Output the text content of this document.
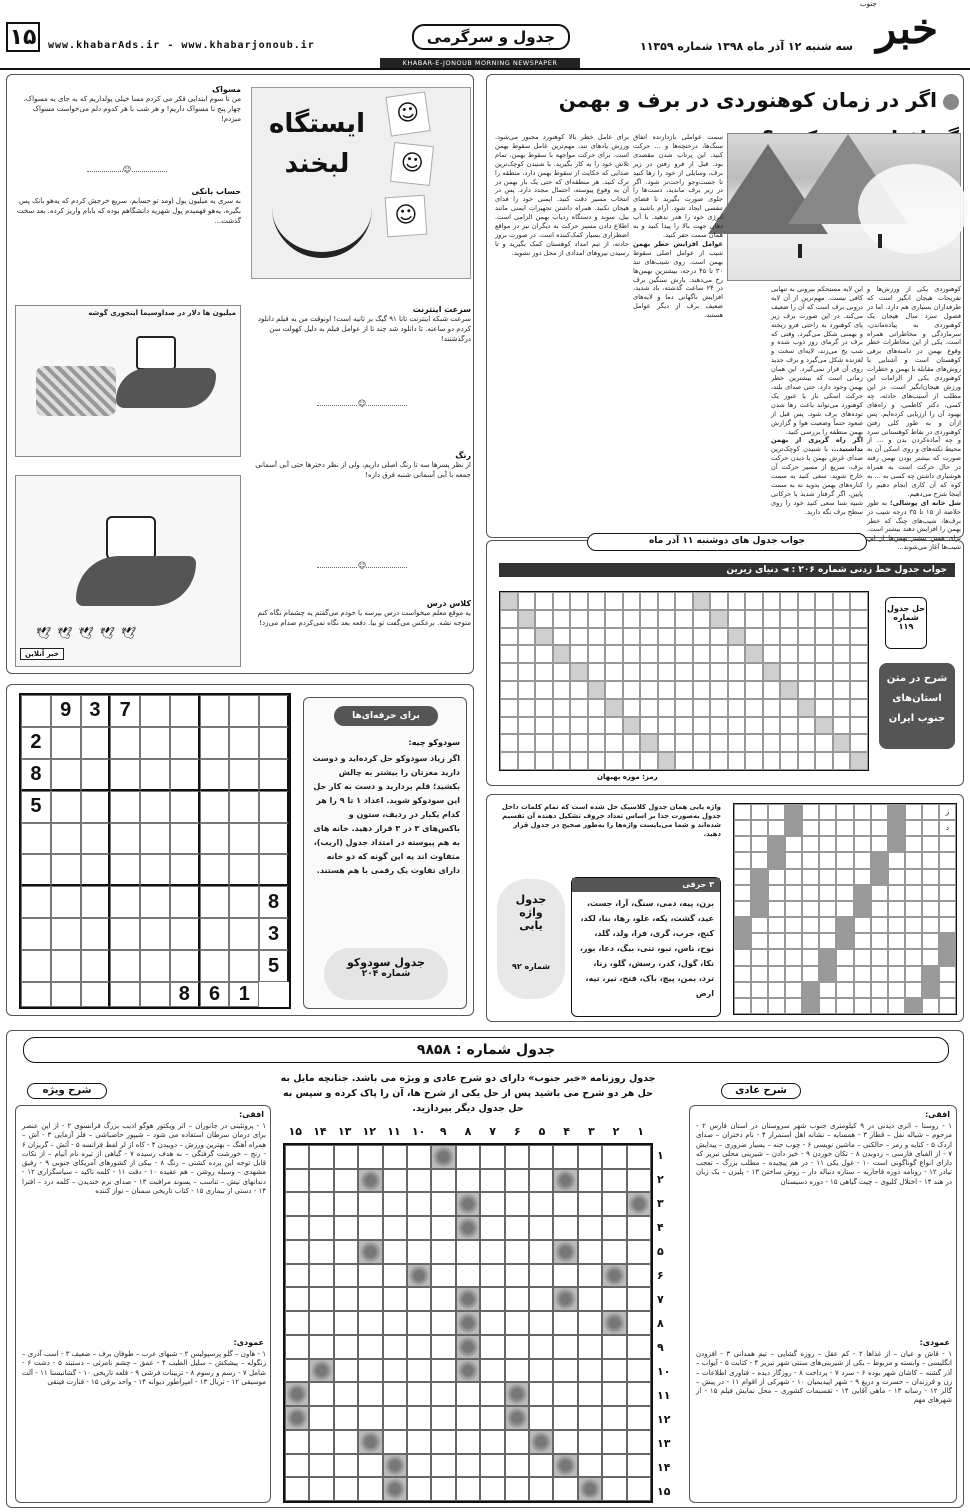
۱۵	www.khabarAds.ir - www.khabarjonoub.ir	جدول و سرگرمی
سه شنبه ۱۲ آذر ماه ۱۳۹۸ شماره ۱۱۳۵۹ خبر
جنوب
KHABAR-E-JONOUB MORNING NEWSPAPER
اگر در زمان کوهنوردی در برف و بهمن
کوهنوردی یکی از ورزش‌ها و تفریحات هیجان انگیز است که طرفداران بسیاری هم دارد. اما در فصول سرد سال هیجان یک کوهنوردی به پیاده‌ماندن، سرمازدگی و مخاطراتی همراه است. یکی از این مخاطرات خطر وقوع بهمن در دامنه‌های برفی کوهستان است و آشنایی با روش‌های مقابله با بهمن و خطرات کوهنوردی یکی از الزامات این ورزش هیجان‌انگیز است. در این مطلب از آسیب‌های حادثه، چه کسی، دکتر کاظمی، و راه‌های بهبود آن را ارزیابی کرده‌ایم. پس ازآن و به طور کلی رفتن کوهنوردی در نقاط کوهستانی سرد و چه آماده‌کردن بدن و ... از محیط نکته‌های و روی اسکی آن به صورت که بیشتر بودن بهمن رفته در حال حرکت است به همراه هوشیاری داشتن چه کسی به ... به کوه که آن کاری انجام دهیم را اینجا شرح می‌دهیم.
شل خانه ای پوشالی؛ به طور خلاصه از ۱۵ تا ۳۵ درجه شیب در برف‌ها، شیب‌های چنگ که خطر بهمن را افزایش دهند بیشتر است. برای همین بیشتر بهمن‌ها از این شیب‌ها آغاز می‌شوند...
این لایه مستحکم بیرونی به تنهایی کافی نیست. مهم‌ترین از آن لایه درونی برف است که آن را ضعیف می‌کند. در این صورت برف زیر پای کوهنورد به راحتی فرو ریخته و بهمنی شکل می‌گیرد. وقتی که برف در گرمای روز ذوب شده و شب یخ می‌زند، لایه‌ای سخت و لغزنده شکل می‌گیرد و برف جدید روی آن قرار نمی‌گیرد. این همان زمانی است که بیشترین خطر بهمن وجود دارد. حتی صدای بلند، حرکت اسکی باز یا عبور یک کوهنورد می‌تواند باعث رها شدن توده‌های برف شود. پس قبل از صعود حتماً وضعیت هوا و گزارش بهمن منطقه را بررسی کنید.
اگر راه گریزی از بهمن نداشتید... با شنیدن کوچک‌ترین صدای غرش بهمن یا دیدن حرکت برف، سریع از مسیر حرکت آن خارج شوید. سعی کنید به سمت کناره‌های بهمن بدوید نه به سمت پایین. اگر گرفتار شدید با حرکاتی شبیه شنا سعی کنید خود را روی سطح برف نگه دارید.
سمت عواملی بازدارنده اتفاق سنگ‌ها، درختچه‌ها و ... حرکت کنید. این پرتاب شدن مقصدی بود. قبل از فرو رفتن در زیر برف، وسایلی از خود را رها کنید تا جست‌وجو راحت‌تر شود. اگر در زیر برف ماندید، دست‌ها را جلوی صورت بگیرید تا فضای تنفسی ایجاد شود. آرام باشید و انرژی خود را هدر ندهید. با آب دهان جهت بالا را پیدا کنید و به همان سمت حفر کنید.
عوامل افزایش خطر بهمن شیب از عوامل اصلی سقوط بهمن است. روی شیب‌های تند ۳۰ تا ۴۵ درجه، بیشترین بهمن‌ها رخ می‌دهند. بارش سنگین برف در ۲۴ ساعت گذشته، باد شدید، افزایش ناگهانی دما و لایه‌های ضعیف برف از دیگر عوامل هستند.
برای عامل خطر بالا کوهنورد مجبور می‌شود. ورزش یادهای تند، مهم‌ترین عامل سقوط بهمن است. برای حرکت مواجهه با سقوط بهمن، تمام تلاش خود را به کار بگیرید. با شنیدن کوچک‌ترین صدایی که حکایت از سقوط بهمن دارد، منطقه را ترک کنید. هر منطقه‌ای که حتی یک بار بهمن در آن به وقوع پیوسته، احتمال مجدد دارد. پس در انتخاب مسیر دقت کنید. ایمنی خود را فدای هیجان نکنید. همراه داشتن تجهیزات ایمنی مانند بیل، سوند و دستگاه ردیاب بهمن الزامی است. اطلاع دادن مسیر حرکت به دیگران نیز در مواقع اضطراری بسیار کمک‌کننده است. در صورت بروز حادثه، از تیم امداد کوهستان کمک بگیرید و تا رسیدن نیروهای امدادی از محل دور نشوید.
مسواک
من تا سوم ابتدایی فکر می کردم مسا خیلی پولداریم که به جای یه مسواک، چهار پنج تا مسواک داریم! و هر شب با هر کدوم دلم می‌خواست مسواک میزدم!
☺
حساب بانکی
به سری یه میلیون پول اومد تو حسابم. سریع خرجش کردم که یه‌هو بانک پس بگیره، یه‌هو فهمیدم پول شهریه دانشگاهم بوده که بابام واریز کرده. بعد سخت گذشت...
میلیون ها دلار در صداوسیما اینجوری گوشه
ایستگاه
لبخند
☺
☺
☺
سرعت اینترنت
سرعت شبکه اینترنت تانا ۹۱ گیگ بر ثانیه است! اونوقت من یه فیلم دانلود کردم دو ساعته. تا دانلود شد چند تا از عوامل فیلم به دلیل کهولت سن درگذشتند!
☺
رنگ
از نظر پسرها سه تا رنگ اصلی داریم، ولی از نظر دخترها حتی آبی آسمانی جمعه با آبی آسمانی شنبه فرق داره!
☺
کلاس درس
یه موقع معلم میخواست درس بپرسه یا خودم می‌گفتم یه چشمام نگاه کنم متوجه نشه. برعکس می‌گفت تو بیا. دفعه بعد نگاه نمی‌کردم صدام می‌زد!
🕊🕊🕊🕊🕊
خبر آنلاین
9 3 7
2
8
5
8
3
5
8 6 1
برای حرفه‌ای‌ها
سودوکو چیه:
اگر زیاد سودوکو حل کرده‌اید و دوست دارید مغزتان را بیشتر به چالش بکشید؛ قلم بردارید و دست به کار حل این سودوکو شوید. اعداد ۱ تا ۹ را هر کدام یکبار در ردیف، ستون و باکس‌های ۳ در ۳ قرار دهید. خانه های به هم پیوسته در امتداد جدول (اریب)، متفاوت اند یه این گونه که دو خانه دارای تفاوت یک رقمی با هم هستند.
جدول سودوکو
شماره ۲۰۴
جواب جدول های دوشنبه ۱۱ آذر ماه
جواب جدول خط زدنی شماره ۲۰۶ : ◄ دنیای زیرین
رمز: موزه بهبهان
حل جدول
شماره ۱۱۹
شرح در متن استان‌های جنوب ایران
ز
د
واژه یابی همان جدول کلاسیک حل شده است که تمام کلمات داخل جدول به‌صورت جدا بر اساس تعداد حروف تشکیل دهنده آن تقسیم شده‌اند و شما می‌بایست واژه‌ها را به‌طور صحیح در جدول قرار دهید.
۳ حرفی
برن، پیه، دمی، سنگ، آرا، جست، عید، گشت، یکه، علو، رها، بنا، لکد، کنج، جرب، گری، فرا، ولد، گلد، نوح، ناس، نبو، تنی، بیگ، دعا، بور، نکا، گول، کدر، رسش، گلو، زنا، ترد، بمن، پیچ، باک، فتح، نیر، تیه، ارض
جدول واژه یابی
شماره ۹۲
جدول شماره : ۹۸۵۸
جدول روزنامه «خبر جنوب» دارای دو شرح عادی و ویژه می باشد. جنانچه مایل به حل هر دو شرح می باشید پس از حل یکی از شرح ها، آن را پاک کرده و سپس به حل جدول دیگر بپردازید.
۱
۲
۳
۴
۵
۶
۷
۸
۹
۱۰
۱۱
۱۲
۱۳
۱۴
۱۵
۱
۲
۳
۴
۵
۶
۷
۸
۹
۱۰
۱۱
۱۲
۱۳
۱۴
۱۵
شرح عادی
افقی:
۱ - روستا – اثری دیدنی در ۹ کیلومتری جنوب شهر سروستان در استان فارس ۲ - مرحوم – شیاله نفل – قطار ۳ - همسایه – نشانه اهل استمرار ۴ - نام دختران – صدای اردک ۵ - کنایه و رمز – حالکنی – ماشین نویسی ۶ - چوب جنه – پسیار ضروری – پیدایش ۷ - از الفبای فارسی – زدوبدن ۸ - تکان خوردن ۹ - خیر دادن – شیرینی محلی تبریز که دارای انواع گوناگونی است ۱۰ - غول یکی ۱۱ - در هم پیچیده – مطلب بزرگ – تعجب تیادر ۱۲ - رونامه دوره قاجاریه – ستاره دنباله دار – روش ساختن ۱۳ - پلیزن – یک زبان در هند ۱۴ - اختلال کلیوی – چیت گیاهی ۱۵ - دوره دسیستان
عمودی:
۱ - قاش و عیان – از غذاها ۲ - کم عقل – روزه گشایی – تیم همدانی ۳ - افزودن انگلیسی – وابسته و مربوط – یکی از شیرینی‌های سنتی شهر تبریز ۴ - کتابت ۵ - آیواب – آذر گشنه – کاشان شهر بوده ۶ - سرد ۷ - پرداخت ۸ - روزگار دیده – فناوری اطلاعات – زن و فرزندان – حسرت و دریغ ۹ - شهر اپیدیمیان ۱۰ - شهرکی از اقوام ۱۱ - در پیش – گالر ۱۲ - رسانه ۱۳ - ماهی آقایی ۱۴ - تقسیمات کشوری – محل نمایش فیلم ۱۵ - از شهرهای مهم
شرح ویژه
افقی:
۱ - پروتئینی در جانوران – اثر ویکتور هوگو ادیب بزرگ فرانسوی ۲ - از این عنصر برای درمان سرطان استفاده می شود – شیپور حاضباشی – فلز آزمایی ۳ - آش – همراه آهنگ – بهترین ورزش – دوییدن ۴ - کاه از لر لفظ فرانسه ۵ - آتش – گریزان ۶ - رنج – خورشت گرفتگی – به هدف رسیده ۷ - گیاهی از تیره نام آنیام – از نکات قابل توجه این پرده کشتی – رنگ ۸ - بیکی از کشورهای آمریکای جنوبی ۹ - رفیق مشهدی – وسیله روشن – هم عقیده ۱۰ - دقت ۱۱ - کلمه تاکید – سیاسگزاری ۱۲ - دندانهای تیش – تناسب – پسوند مرافبت ۱۳ - صدای نرم خندیدن – کلمه درد – افترا ۱۴ - دستی از بیماری ۱۵ - کتاب تاریخی سمنان – نواز کننده
عمودی:
۱ - هاون – گلو پرسپولیس ۲ - شبهای عرب – طوفان برف – ضعیف ۳ - اسب آذری – زنگوله – پیشکش – سلیل الطیب ۴ - عمق – چشم نامرئی – دستبند ۵ - دشت ۶ - شامل ۷ - رسم و رسوم ۸ - تزیینات فرشی ۹ - قلعه تاریخی ۱۰ - گشانبستا ۱۱ - آلت موسیقی ۱۲ - تریال ۱۳ - امپراطور دیوانه ۱۴ - واحد برقی ۱۵ - قنارت فینقی
